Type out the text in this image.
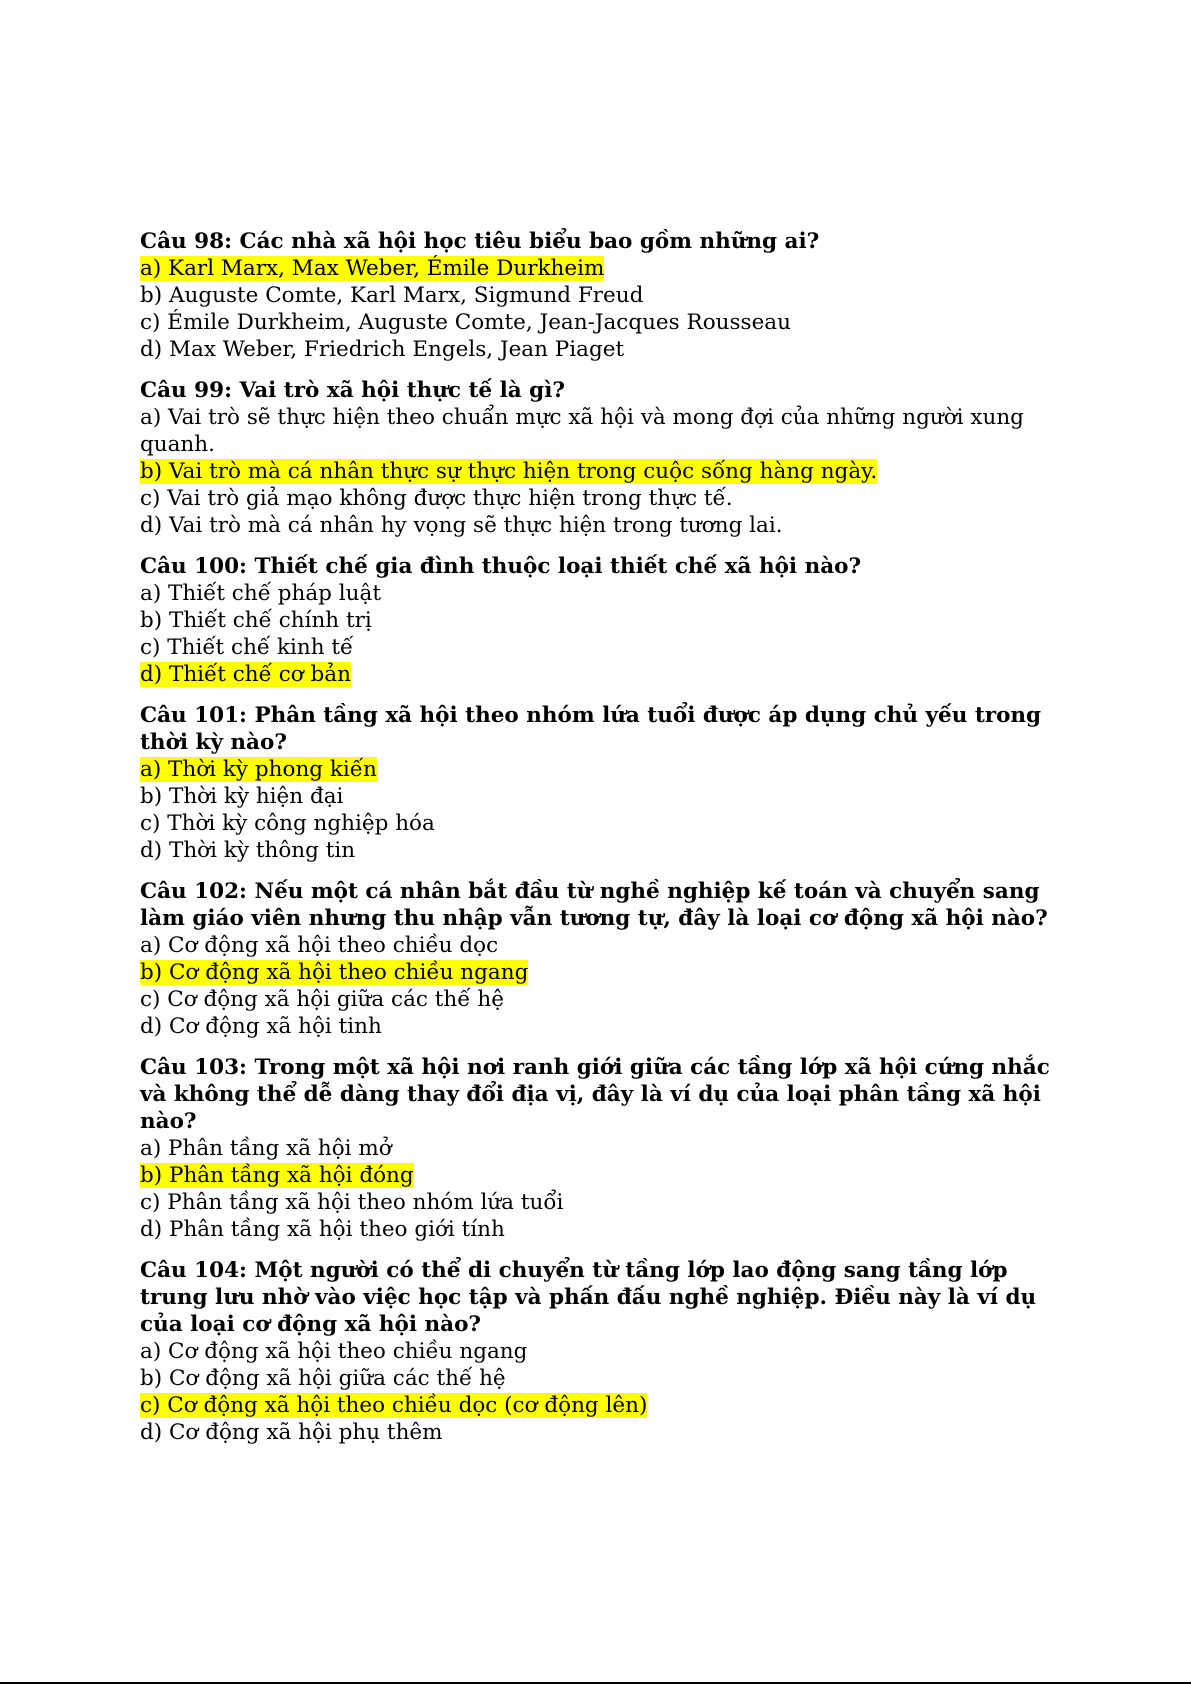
Câu 98: Các nhà xã hội học tiêu biểu bao gồm những ai?

a) Karl Marx, Max Weber, Émile Durkheim

b) Auguste Comte, Karl Marx, Sigmund Freud

c) Émile Durkheim, Auguste Comte, Jean-Jacques Rousseau

d) Max Weber, Friedrich Engels, Jean Piaget

Câu 99: Vai trò xã hội thực tế là gì?

a) Vai trò sẽ thực hiện theo chuẩn mực xã hội và mong đợi của những người xung quanh.

b) Vai trò mà cá nhân thực sự thực hiện trong cuộc sống hàng ngày.

c) Vai trò giả mạo không được thực hiện trong thực tế.

d) Vai trò mà cá nhân hy vọng sẽ thực hiện trong tương lai.

Câu 100: Thiết chế gia đình thuộc loại thiết chế xã hội nào?

a) Thiết chế pháp luật

b) Thiết chế chính trị

c) Thiết chế kinh tế

d) Thiết chế cơ bản

Câu 101: Phân tầng xã hội theo nhóm lứa tuổi được áp dụng chủ yếu trong thời kỳ nào?

a) Thời kỳ phong kiến

b) Thời kỳ hiện đại

c) Thời kỳ công nghiệp hóa

d) Thời kỳ thông tin

Câu 102: Nếu một cá nhân bắt đầu từ nghề nghiệp kế toán và chuyển sang làm giáo viên nhưng thu nhập vẫn tương tự, đây là loại cơ động xã hội nào?

a) Cơ động xã hội theo chiều dọc

b) Cơ động xã hội theo chiều ngang

c) Cơ động xã hội giữa các thế hệ

d) Cơ động xã hội tinh

Câu 103: Trong một xã hội nơi ranh giới giữa các tầng lớp xã hội cứng nhắc và không thể dễ dàng thay đổi địa vị, đây là ví dụ của loại phân tầng xã hội nào?

a) Phân tầng xã hội mở

b) Phân tầng xã hội đóng

c) Phân tầng xã hội theo nhóm lứa tuổi

d) Phân tầng xã hội theo giới tính

Câu 104: Một người có thể di chuyển từ tầng lớp lao động sang tầng lớp trung lưu nhờ vào việc học tập và phấn đấu nghề nghiệp. Điều này là ví dụ của loại cơ động xã hội nào?

a) Cơ động xã hội theo chiều ngang

b) Cơ động xã hội giữa các thế hệ

c) Cơ động xã hội theo chiều dọc (cơ động lên)

d) Cơ động xã hội phụ thêm
